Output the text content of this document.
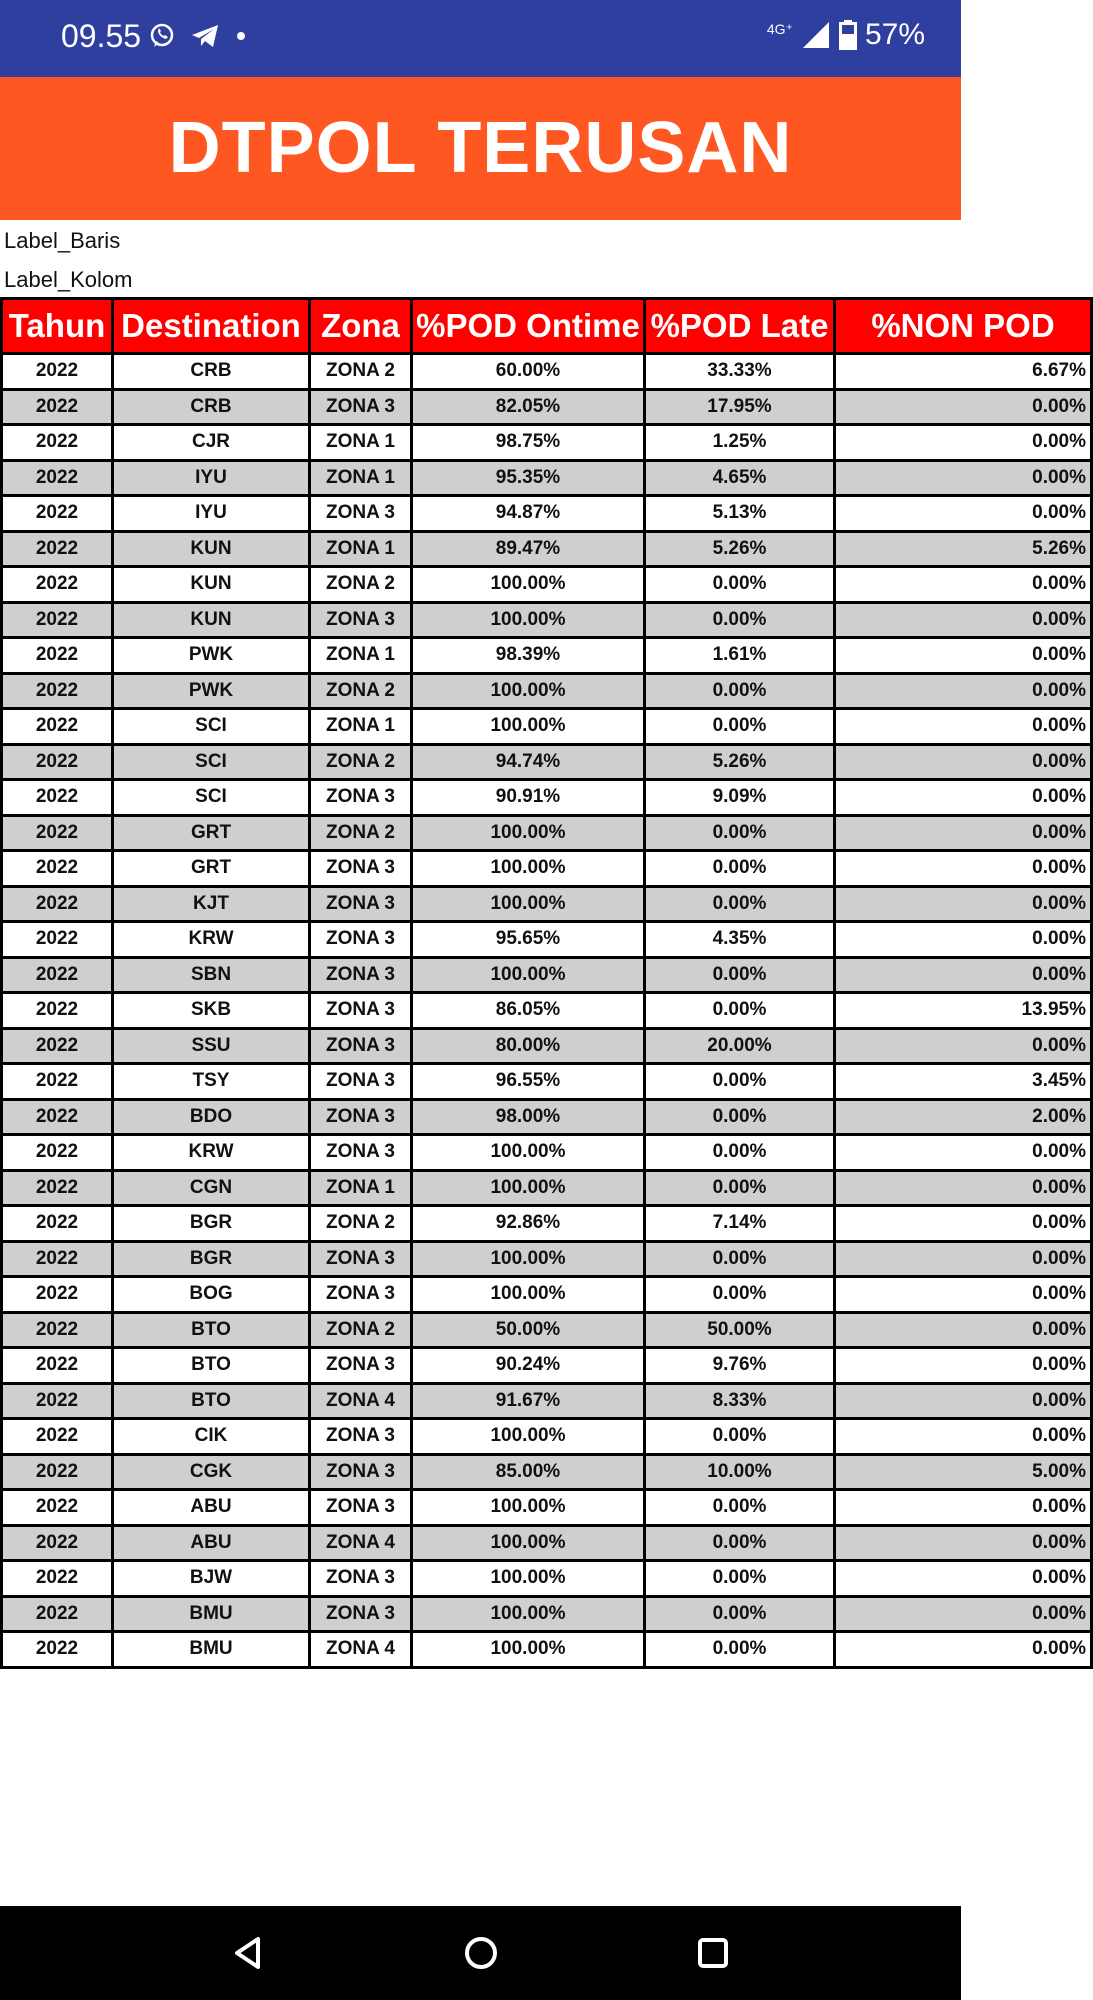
09.55	4G⁺ 57%
DTPOL TERUSAN
Label_Baris
Label_Kolom
Tahun	Destination	Zona	%POD Ontime	%POD Late	%NON POD
2022	CRB	ZONA 2	60.00%	33.33%	6.67%
2022	CRB	ZONA 3	82.05%	17.95%	0.00%
2022	CJR	ZONA 1	98.75%	1.25%	0.00%
2022	IYU	ZONA 1	95.35%	4.65%	0.00%
2022	IYU	ZONA 3	94.87%	5.13%	0.00%
2022	KUN	ZONA 1	89.47%	5.26%	5.26%
2022	KUN	ZONA 2	100.00%	0.00%	0.00%
2022	KUN	ZONA 3	100.00%	0.00%	0.00%
2022	PWK	ZONA 1	98.39%	1.61%	0.00%
2022	PWK	ZONA 2	100.00%	0.00%	0.00%
2022	SCI	ZONA 1	100.00%	0.00%	0.00%
2022	SCI	ZONA 2	94.74%	5.26%	0.00%
2022	SCI	ZONA 3	90.91%	9.09%	0.00%
2022	GRT	ZONA 2	100.00%	0.00%	0.00%
2022	GRT	ZONA 3	100.00%	0.00%	0.00%
2022	KJT	ZONA 3	100.00%	0.00%	0.00%
2022	KRW	ZONA 3	95.65%	4.35%	0.00%
2022	SBN	ZONA 3	100.00%	0.00%	0.00%
2022	SKB	ZONA 3	86.05%	0.00%	13.95%
2022	SSU	ZONA 3	80.00%	20.00%	0.00%
2022	TSY	ZONA 3	96.55%	0.00%	3.45%
2022	BDO	ZONA 3	98.00%	0.00%	2.00%
2022	KRW	ZONA 3	100.00%	0.00%	0.00%
2022	CGN	ZONA 1	100.00%	0.00%	0.00%
2022	BGR	ZONA 2	92.86%	7.14%	0.00%
2022	BGR	ZONA 3	100.00%	0.00%	0.00%
2022	BOG	ZONA 3	100.00%	0.00%	0.00%
2022	BTO	ZONA 2	50.00%	50.00%	0.00%
2022	BTO	ZONA 3	90.24%	9.76%	0.00%
2022	BTO	ZONA 4	91.67%	8.33%	0.00%
2022	CIK	ZONA 3	100.00%	0.00%	0.00%
2022	CGK	ZONA 3	85.00%	10.00%	5.00%
2022	ABU	ZONA 3	100.00%	0.00%	0.00%
2022	ABU	ZONA 4	100.00%	0.00%	0.00%
2022	BJW	ZONA 3	100.00%	0.00%	0.00%
2022	BMU	ZONA 3	100.00%	0.00%	0.00%
2022	BMU	ZONA 4	100.00%	0.00%	0.00%
